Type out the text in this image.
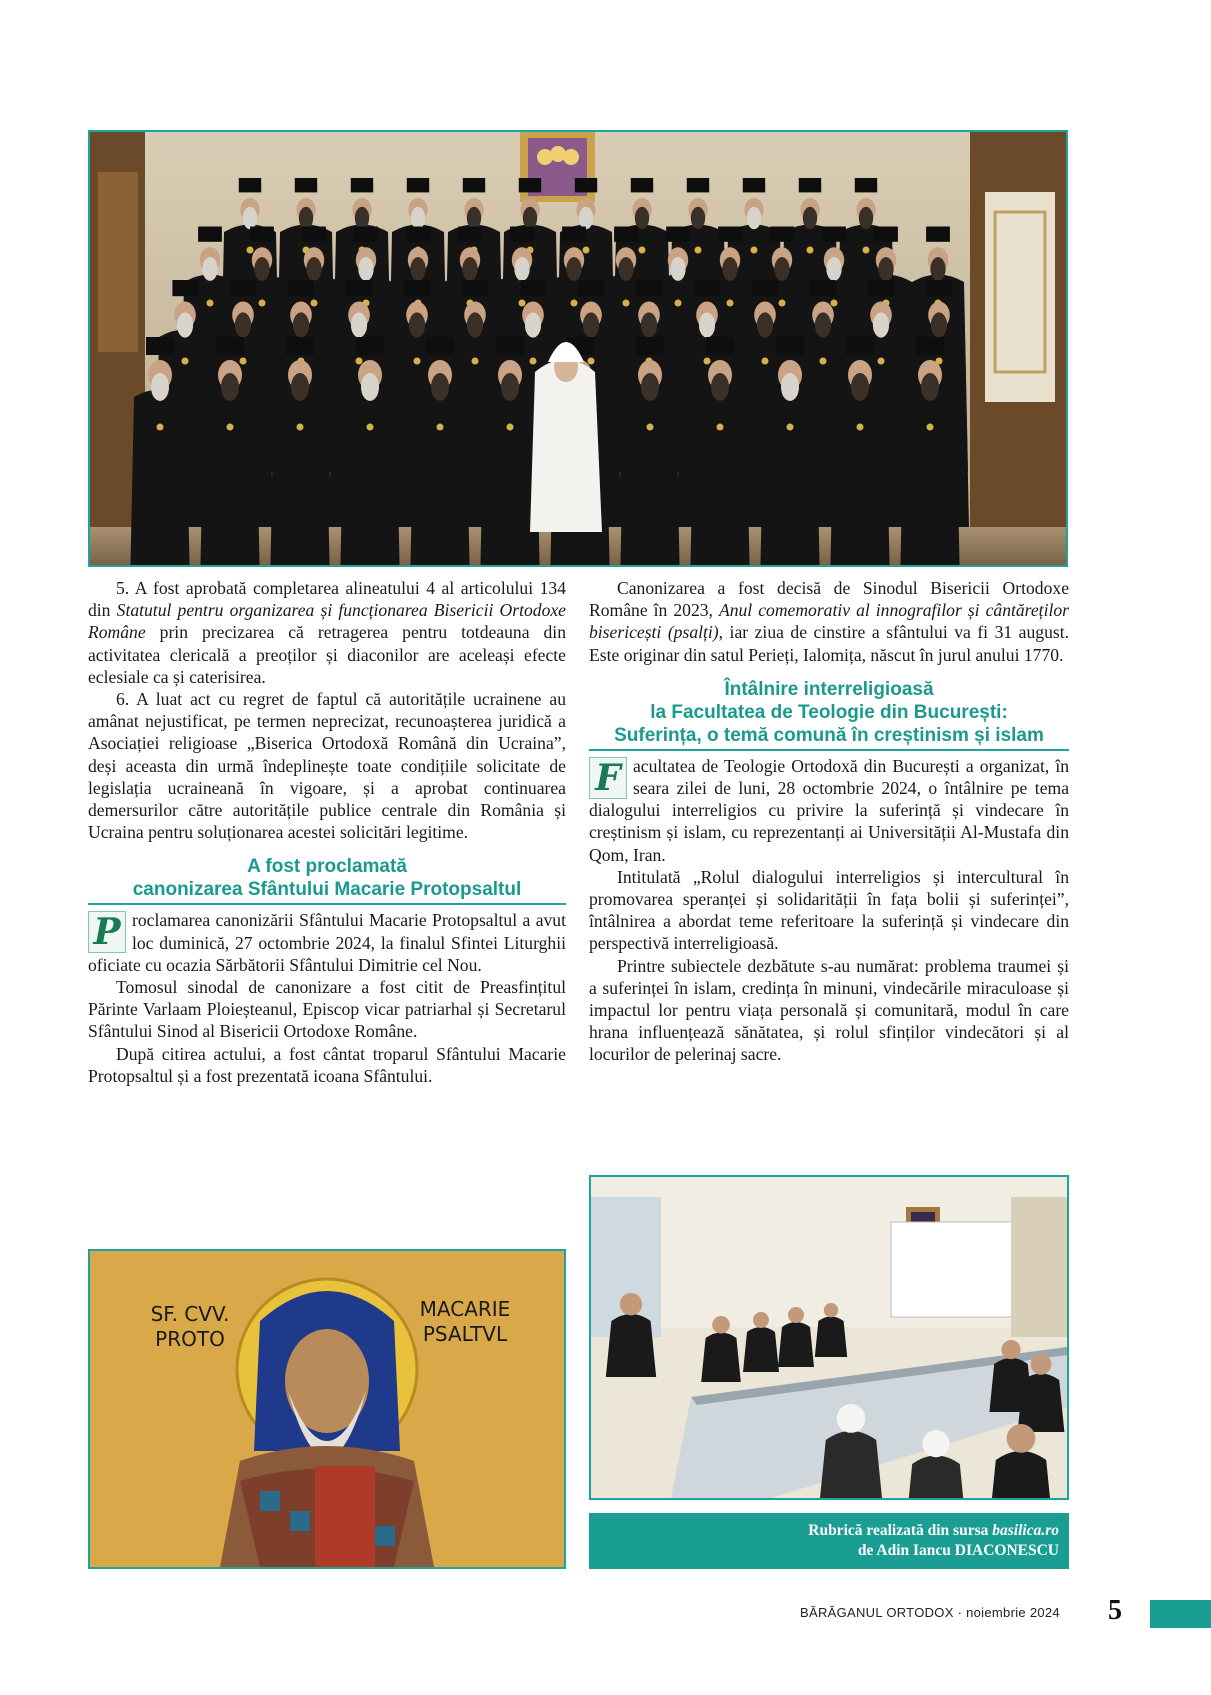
5. A fost aprobată completarea alineatului 4 al articolului 134 din Statutul pentru organizarea și funcționarea Bisericii Ortodoxe Române prin precizarea că retragerea pentru totdeauna din activitatea clericală a preoților și diaconilor are aceleași efecte eclesiale ca și caterisirea.

6. A luat act cu regret de faptul că autoritățile ucrainene au amânat nejustificat, pe termen neprecizat, recunoașterea juridică a Asociației religioase „Biserica Ortodoxă Română din Ucraina”, deși aceasta din urmă îndeplinește toate condițiile solicitate de legislația ucraineană în vigoare, și a aprobat continuarea demersurilor către autoritățile publice centrale din România și Ucraina pentru soluționarea acestei solicitări legitime.

A fost proclamată
canonizarea Sfântului Macarie Protopsaltul

P roclamarea canonizării Sfântului Macarie Protopsaltul a avut loc duminică, 27 octombrie 2024, la finalul Sfintei Liturghii oficiate cu ocazia Sărbătorii Sfântului Dimitrie cel Nou.

Tomosul sinodal de canonizare a fost citit de Preasfințitul Părinte Varlaam Ploieșteanul, Episcop vicar patriarhal și Secretarul Sfântului Sinod al Bisericii Ortodoxe Române.

După citirea actului, a fost cântat troparul Sfântului Macarie Protopsaltul și a fost prezentată icoana Sfântului.

SF. CVV.
PROTO
MACARIE
PSALTVL

Canonizarea a fost decisă de Sinodul Bisericii Ortodoxe Române în 2023, Anul comemorativ al innografilor și cântăreților bisericești (psalți), iar ziua de cinstire a sfântului va fi 31 august. Este originar din satul Perieți, Ialomița, născut în jurul anului 1770.

Întâlnire interreligioasă
la Facultatea de Teologie din București:
Suferința, o temă comună în creștinism și islam

F acultatea de Teologie Ortodoxă din București a organizat, în seara zilei de luni, 28 octombrie 2024, o întâlnire pe tema dialogului interreligios cu privire la suferință și vindecare în creștinism și islam, cu reprezentanți ai Universității Al-Mustafa din Qom, Iran.

Intitulată „Rolul dialogului interreligios și intercultural în promovarea speranței și solidarității în fața bolii și suferinței”, întâlnirea a abordat teme referitoare la suferință și vindecare din perspectivă interreligioasă.

Printre subiectele dezbătute s-au numărat: problema traumei și a suferinței în islam, credința în minuni, vindecările miraculoase și impactul lor pentru viața personală și comunitară, modul în care hrana influențează sănătatea, și rolul sfinților vindecători și al locurilor de pelerinaj sacre.

Rubrică realizată din sursa basilica.ro
de Adin Iancu DIACONESCU
BĂRĂGANUL ORTODOX · noiembrie 2024 5
